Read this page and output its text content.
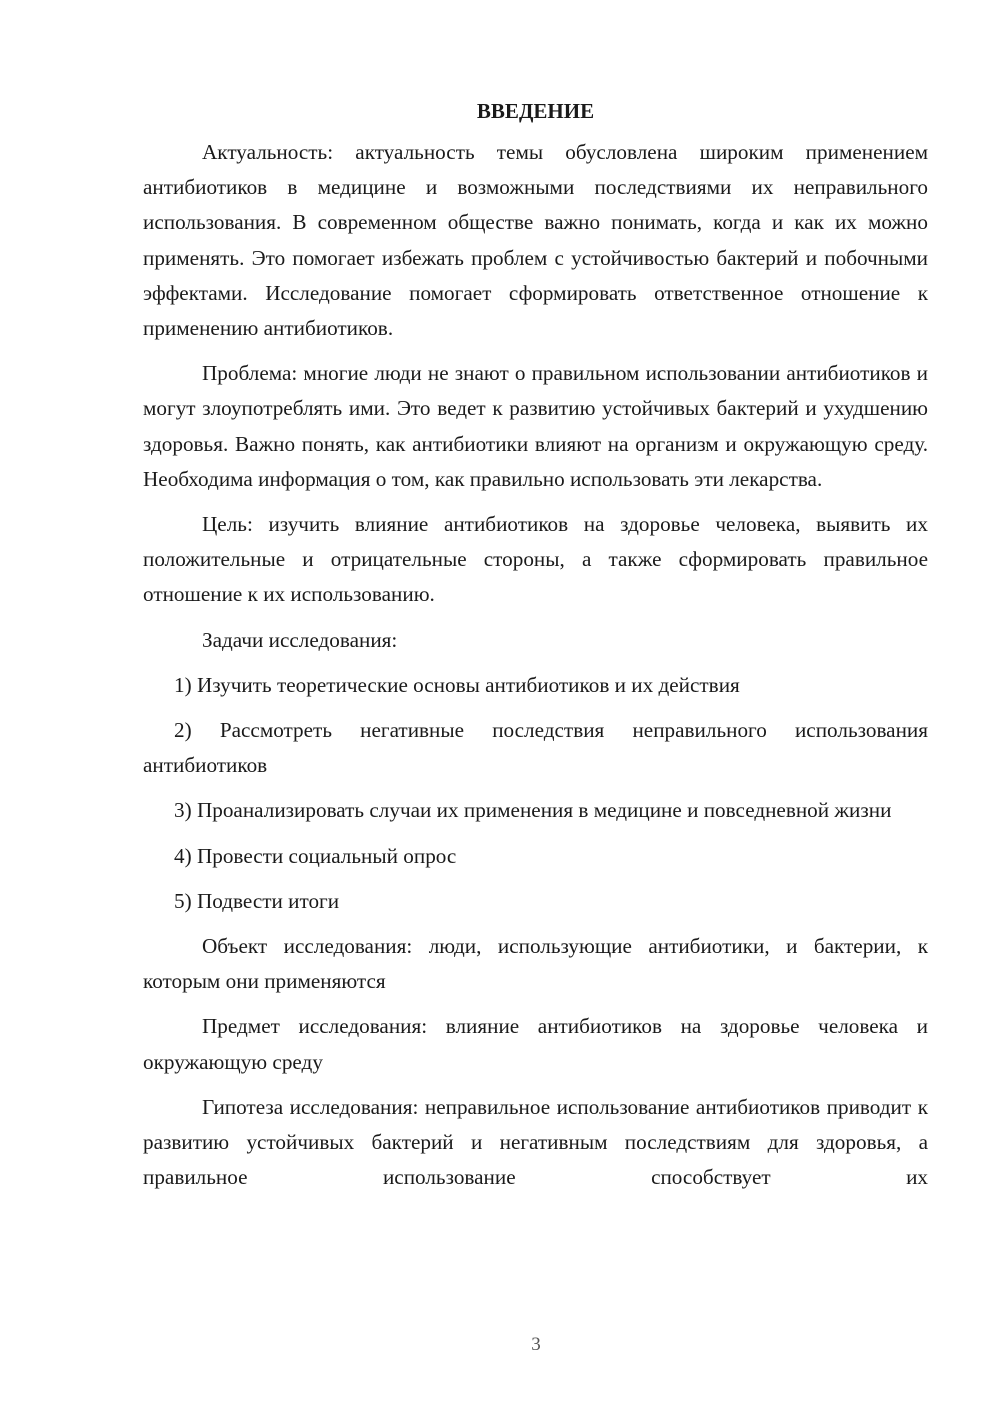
ВВЕДЕНИЕ

Актуальность: актуальность темы обусловлена широким применением антибиотиков в медицине и возможными последствиями их неправильного использования. В современном обществе важно понимать, когда и как их можно применять. Это помогает избежать проблем с устойчивостью бактерий и побочными эффектами. Исследование помогает сформировать ответственное отношение к применению антибиотиков.

Проблема: многие люди не знают о правильном использовании антибиотиков и могут злоупотреблять ими. Это ведет к развитию устойчивых бактерий и ухудшению здоровья. Важно понять, как антибиотики влияют на организм и окружающую среду. Необходима информация о том, как правильно использовать эти лекарства.

Цель: изучить влияние антибиотиков на здоровье человека, выявить их положительные и отрицательные стороны, а также сформировать правильное отношение к их использованию.

Задачи исследования:

1) Изучить теоретические основы антибиотиков и их действия

2) Рассмотреть негативные последствия неправильного использования антибиотиков

3) Проанализировать случаи их применения в медицине и повседневной жизни

4) Провести социальный опрос

5) Подвести итоги

Объект исследования: люди, использующие антибиотики, и бактерии, к которым они применяются

Предмет исследования: влияние антибиотиков на здоровье человека и окружающую среду

Гипотеза исследования: неправильное использование антибиотиков приводит к развитию устойчивых бактерий и негативным последствиям для здоровья, а правильное использование способствует их

3
